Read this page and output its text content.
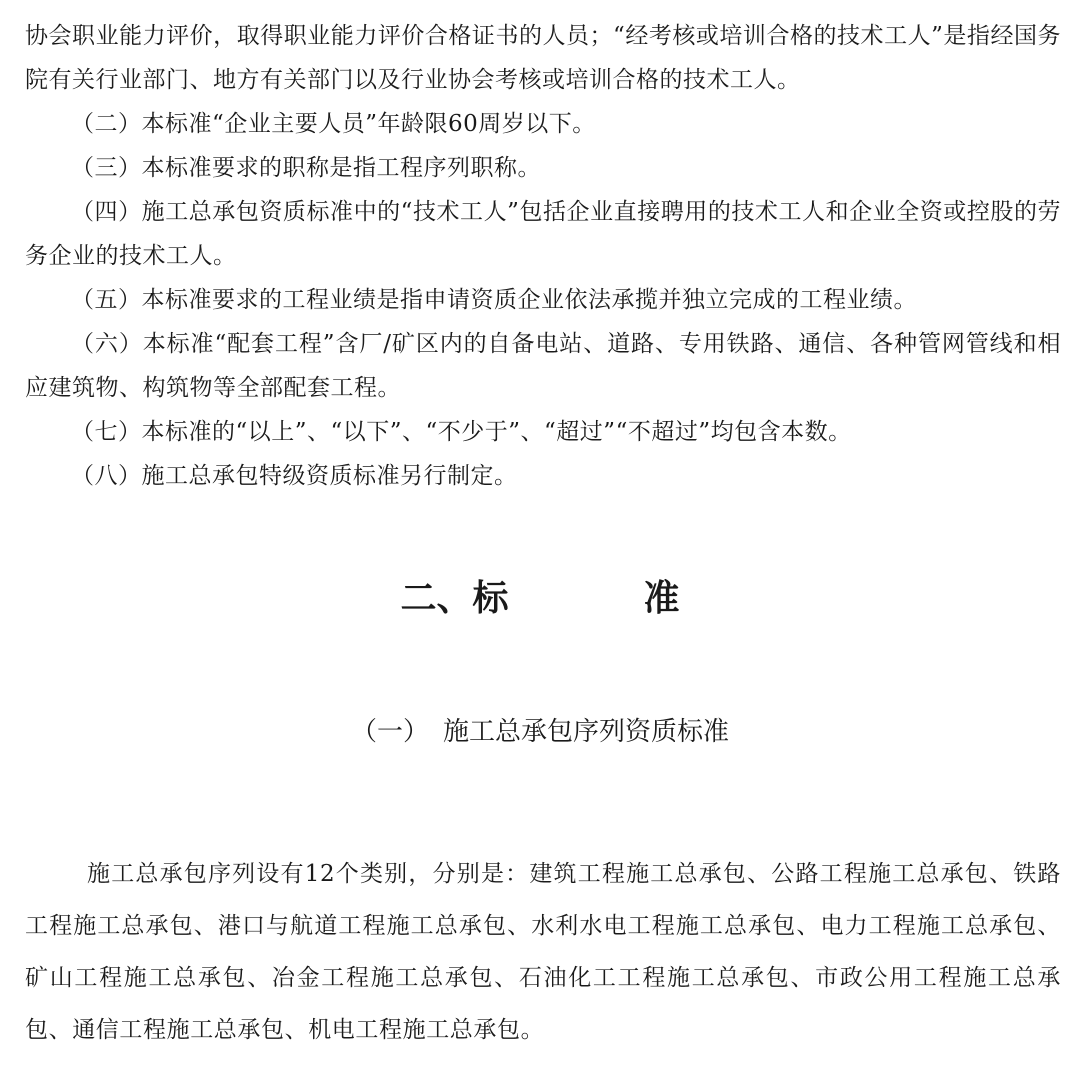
协会职业能力评价，取得职业能力评价合格证书的人员；“经考核或培训合格的技术工人”是指经国务院有关行业部门、地方有关部门以及行业协会考核或培训合格的技术工人。

（二）本标准“企业主要人员”年龄限60周岁以下。

（三）本标准要求的职称是指工程序列职称。

（四）施工总承包资质标准中的“技术工人”包括企业直接聘用的技术工人和企业全资或控股的劳务企业的技术工人。

（五）本标准要求的工程业绩是指申请资质企业依法承揽并独立完成的工程业绩。

（六）本标准“配套工程”含厂/矿区内的自备电站、道路、专用铁路、通信、各种管网管线和相应建筑物、构筑物等全部配套工程。

（七）本标准的“以上”、“以下”、“不少于”、“超过”“不超过”均包含本数。

（八）施工总承包特级资质标准另行制定。

二、标	准
（一） 施工总承包序列资质标准

施工总承包序列设有12个类别，分别是：建筑工程施工总承包、公路工程施工总承包、铁路工程施工总承包、港口与航道工程施工总承包、水利水电工程施工总承包、电力工程施工总承包、矿山工程施工总承包、冶金工程施工总承包、石油化工工程施工总承包、市政公用工程施工总承包、通信工程施工总承包、机电工程施工总承包。
